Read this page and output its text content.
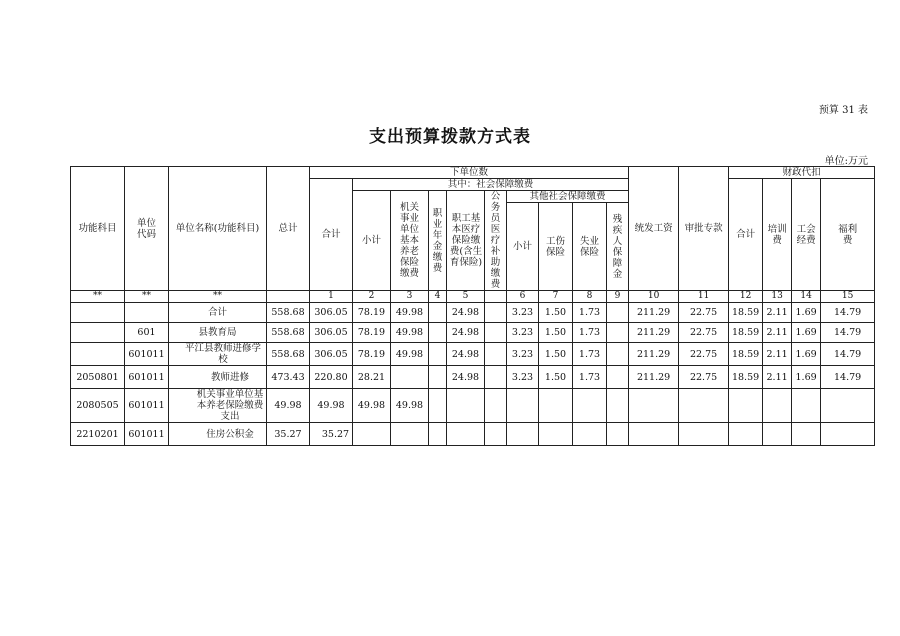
预算 31 表
支出预算拨款方式表
单位:万元
功能科目	单位代码	单位名称(功能科目)	总计	下单位数										统发工资	审批专款	财政代扣			
				合计	其中：社会保障缴费											合计	培训费	工会经费	福利费
					小计	机关事业单位基本养老保险缴费	职业年金缴费	职工基本医疗保险缴费(含生育保险)	公务员医疗补助缴费	其他社会保障缴费									
										小计	工伤保险	失业保险	残疾人保障金						
**	**	**		1	2	3	4	5		6	7	8	9	10	11	12	13	14	15
		合计	558.68	306.05	78.19	49.98		24.98		3.23	1.50	1.73		211.29	22.75	18.59	2.11	1.69	14.79
	601	县教育局	558.68	306.05	78.19	49.98		24.98		3.23	1.50	1.73		211.29	22.75	18.59	2.11	1.69	14.79
	601011	平江县教师进修学校	558.68	306.05	78.19	49.98		24.98		3.23	1.50	1.73		211.29	22.75	18.59	2.11	1.69	14.79
2050801	601011	教师进修	473.43	220.80	28.21			24.98		3.23	1.50	1.73		211.29	22.75	18.59	2.11	1.69	14.79
2080505	601011	机关事业单位基本养老保险缴费支出	49.98	49.98	49.98	49.98													
2210201	601011	住房公积金	35.27	35.27															
